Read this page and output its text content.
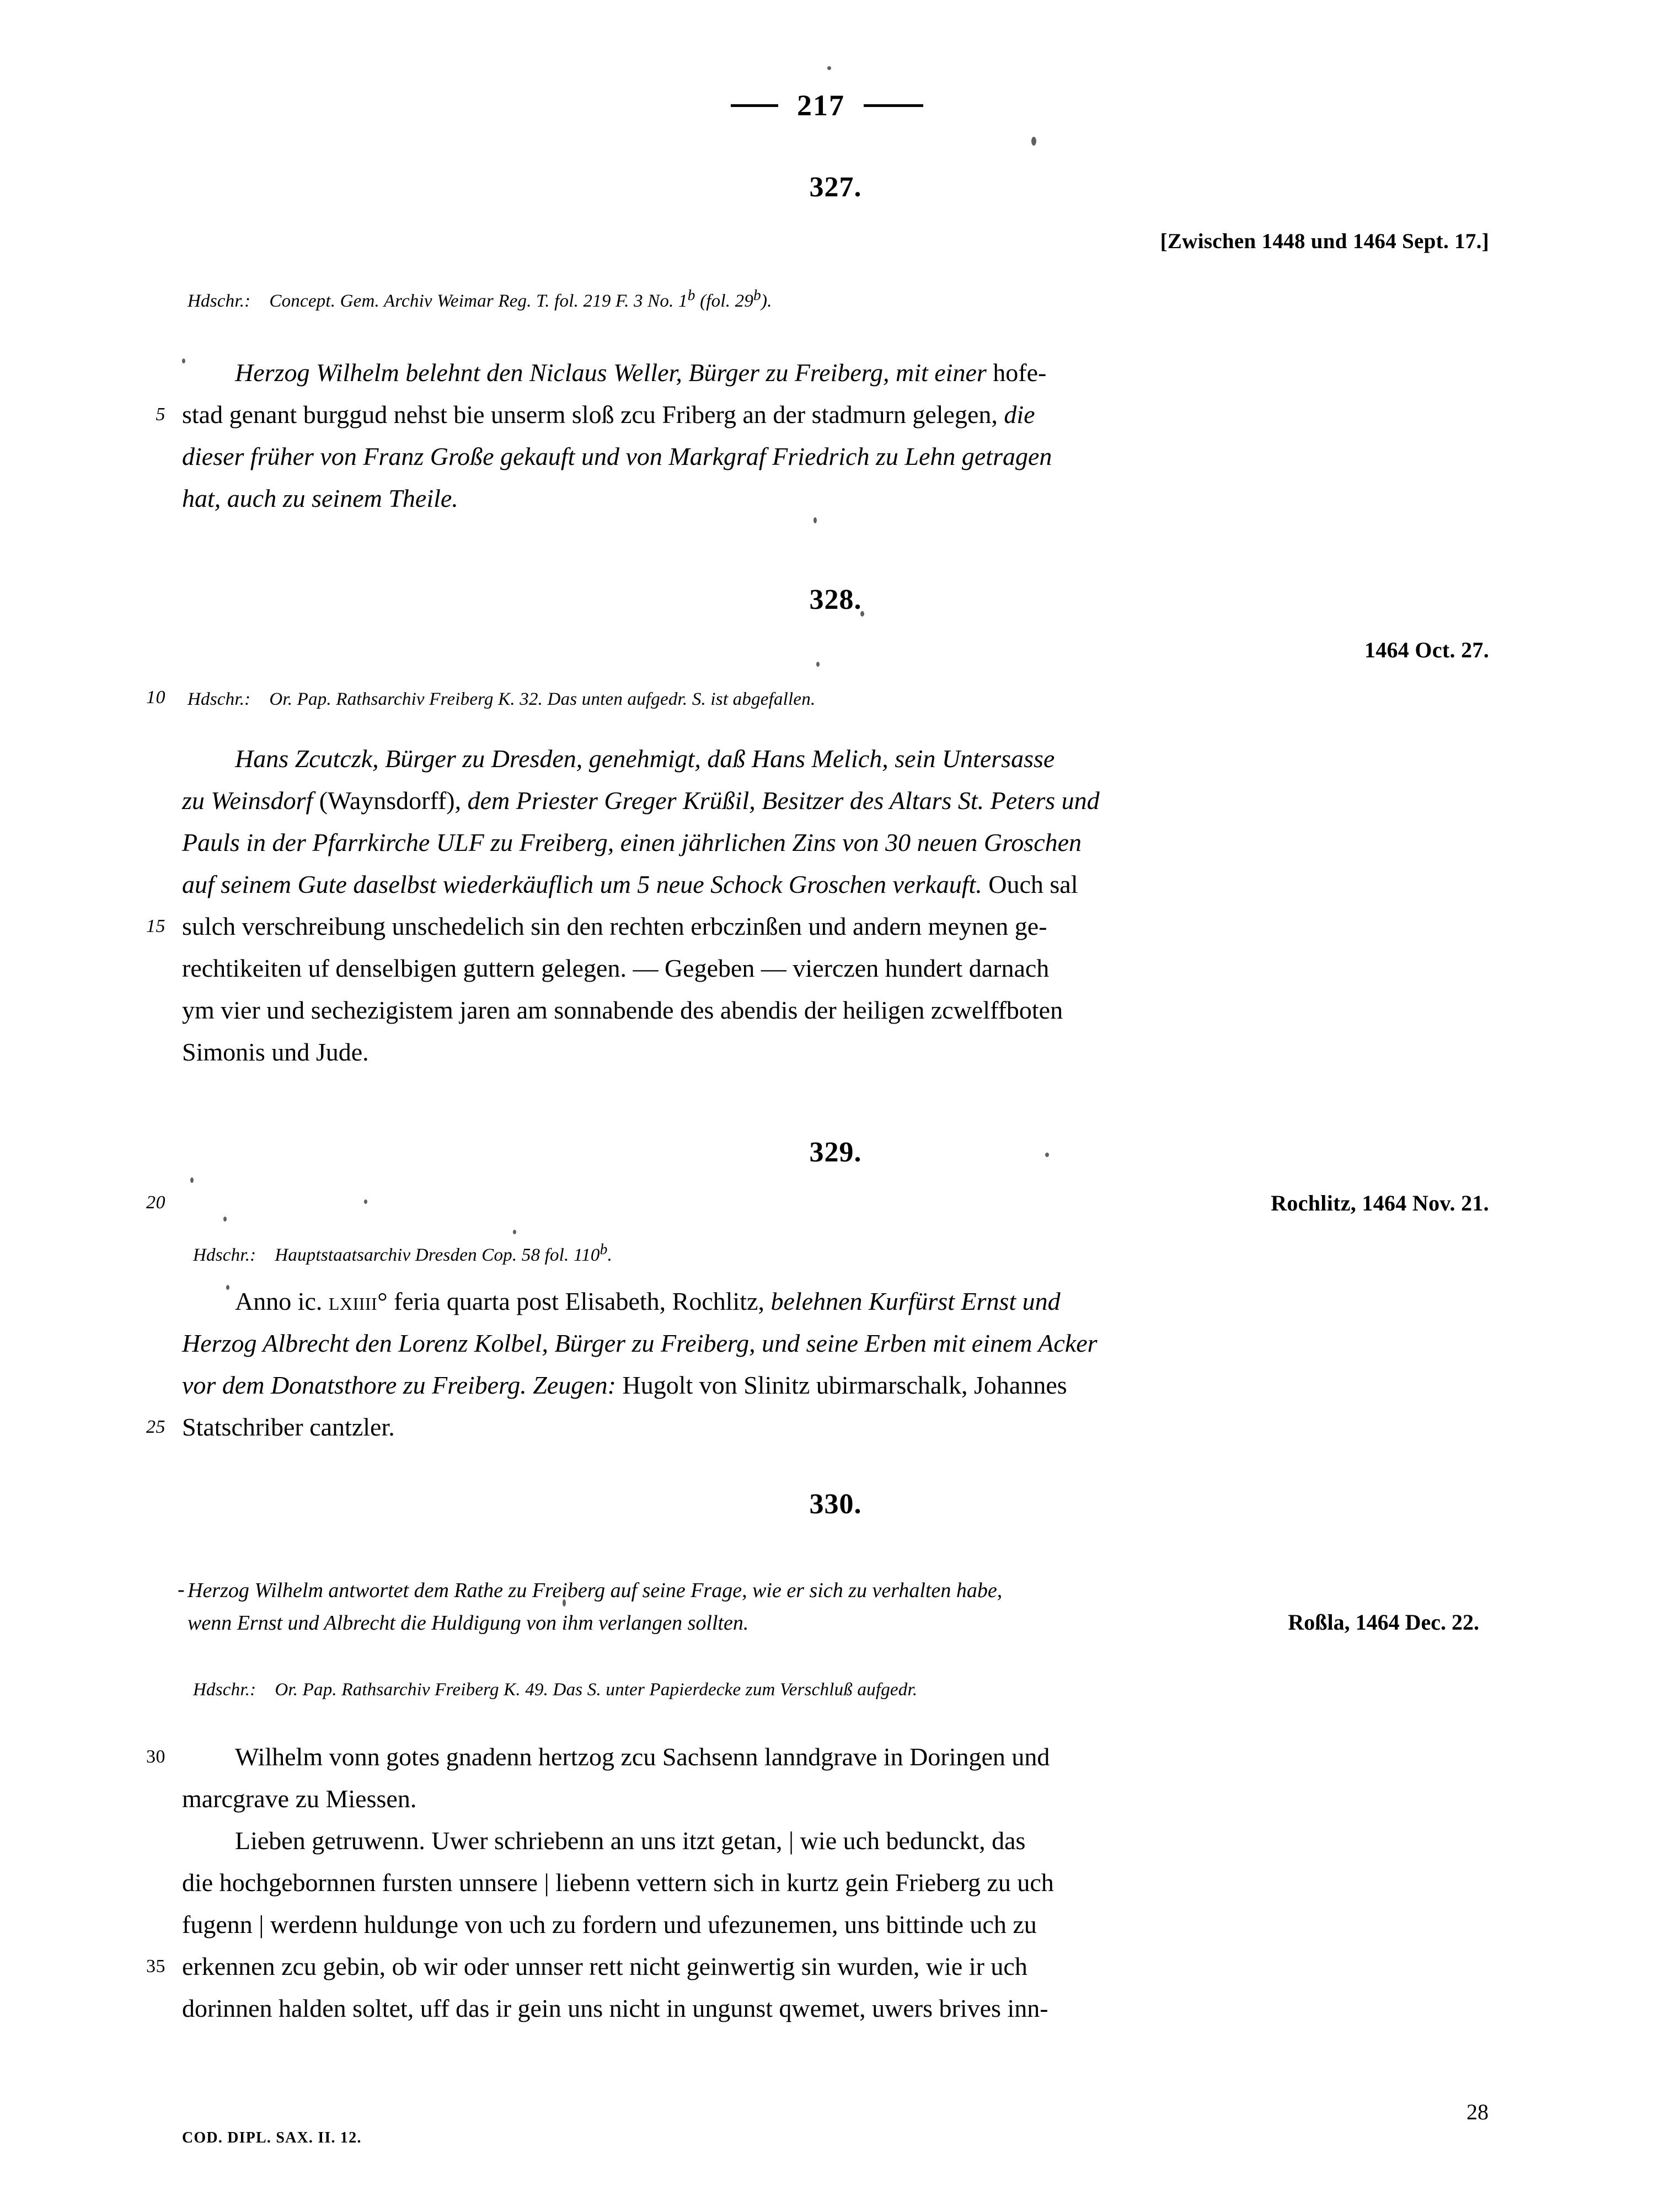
217
327.
[Zwischen 1448 und 1464 Sept. 17.]
Hdschr.: Concept. Gem. Archiv Weimar Reg. T. fol. 219 F. 3 No. 1$^b$ (fol. 29$^b$).
Herzog Wilhelm belehnt den Niclaus Weller, Bürger zu Freiberg, mit einer hofe-
5 stad genant burggud nehst bie unserm sloß zcu Friberg an der stadmurn gelegen, die
dieser früher von Franz Große gekauft und von Markgraf Friedrich zu Lehn getragen
hat, auch zu seinem Theile.
328.
1464 Oct. 27.
10 Hdschr.: Or. Pap. Rathsarchiv Freiberg K. 32. Das unten aufgedr. S. ist abgefallen.
Hans Zcutczk, Bürger zu Dresden, genehmigt, daß Hans Melich, sein Untersasse
zu Weinsdorf (Waynsdorff), dem Priester Greger Krüßil, Besitzer des Altars St. Peters und
Pauls in der Pfarrkirche ULF zu Freiberg, einen jährlichen Zins von 30 neuen Groschen
auf seinem Gute daselbst wiederkäuflich um 5 neue Schock Groschen verkauft. Ouch sal
15 sulch verschreibung unschedelich sin den rechten erbczinßen und andern meynen ge-
rechtikeiten uf denselbigen guttern gelegen. — Gegeben — vierczen hundert darnach
ym vier und sechezigistem jaren am sonnabende des abendis der heiligen zcwelffboten
Simonis und Jude.
329.
Rochlitz, 1464 Nov. 21.
20
Hdschr.: Hauptstaatsarchiv Dresden Cop. 58 fol. 110$^b$.
Anno ic. lxiiii° feria quarta post Elisabeth, Rochlitz, belehnen Kurfürst Ernst und
Herzog Albrecht den Lorenz Kolbel, Bürger zu Freiberg, und seine Erben mit einem Acker
vor dem Donatsthore zu Freiberg. Zeugen: Hugolt von Slinitz ubirmarschalk, Johannes
25 Statschriber cantzler.
330.
- Herzog Wilhelm antwortet dem Rathe zu Freiberg auf seine Frage, wie er sich zu verhalten habe,
wenn Ernst und Albrecht die Huldigung von ihm verlangen sollten.	Roßla, 1464 Dec. 22.
Hdschr.: Or. Pap. Rathsarchiv Freiberg K. 49. Das S. unter Papierdecke zum Verschluß aufgedr.
30	Wilhelm vonn gotes gnadenn hertzog zcu Sachsenn lanndgrave in Doringen und
marcgrave zu Miessen.
Lieben getruwenn. Uwer schriebenn an uns itzt getan, | wie uch bedunckt, das
die hochgebornnen fursten unnsere | liebenn vettern sich in kurtz gein Frieberg zu uch
fugenn | werdenn huldunge von uch zu fordern und ufezunemen, uns bittinde uch zu
35 erkennen zcu gebin, ob wir oder unnser rett nicht geinwertig sin wurden, wie ir uch
dorinnen halden soltet, uff das ir gein uns nicht in ungunst qwemet, uwers brives inn-
COD. DIPL. SAX. II. 12.
28
